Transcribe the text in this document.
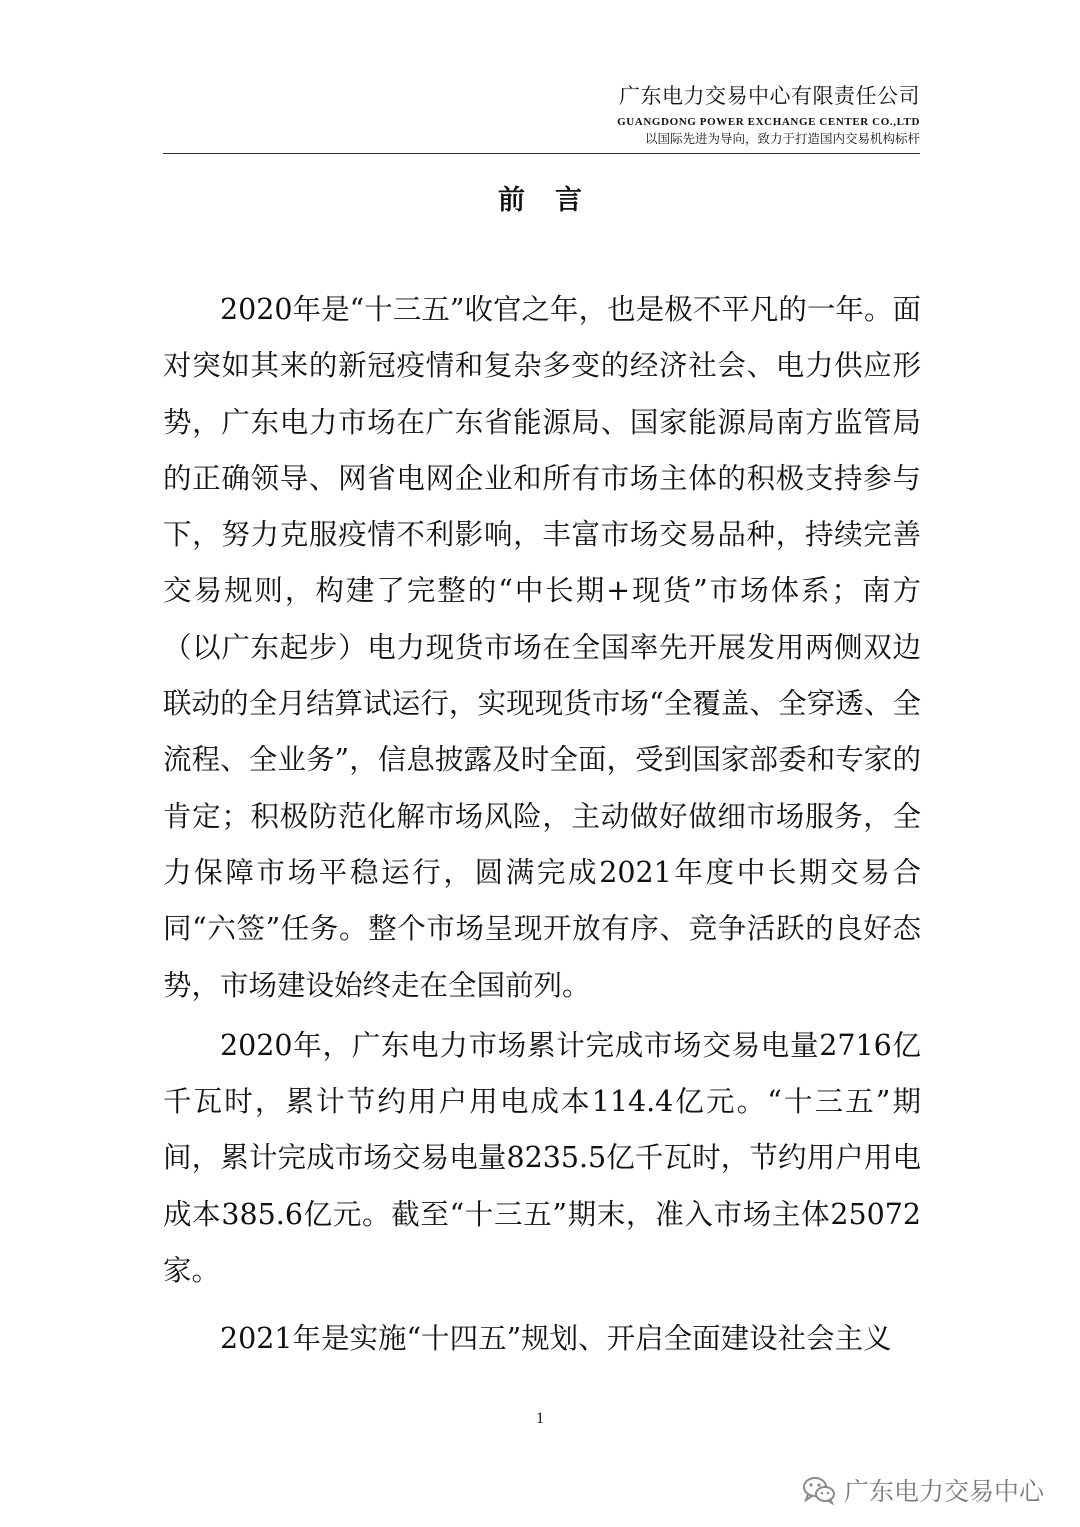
广东电力交易中心有限责任公司
GUANGDONG POWER EXCHANGE CENTER CO.,LTD
以国际先进为导向，致力于打造国内交易机构标杆
前言

2020年是“十三五”收官之年，也是极不平凡的一年。面对突如其来的新冠疫情和复杂多变的经济社会、电力供应形势，广东电力市场在广东省能源局、国家能源局南方监管局的正确领导、网省电网企业和所有市场主体的积极支持参与下，努力克服疫情不利影响，丰富市场交易品种，持续完善交易规则，构建了完整的“中长期+现货”市场体系；南方（以广东起步）电力现货市场在全国率先开展发用两侧双边联动的全月结算试运行，实现现货市场“全覆盖、全穿透、全流程、全业务”，信息披露及时全面，受到国家部委和专家的肯定；积极防范化解市场风险，主动做好做细市场服务，全力保障市场平稳运行，圆满完成2021年度中长期交易合同“六签”任务。整个市场呈现开放有序、竞争活跃的良好态势，市场建设始终走在全国前列。

2020年，广东电力市场累计完成市场交易电量2716亿千瓦时，累计节约用户用电成本114.4亿元。“十三五”期间，累计完成市场交易电量8235.5亿千瓦时，节约用户用电成本385.6亿元。截至“十三五”期末，准入市场主体25072家。

2021年是实施“十四五”规划、开启全面建设社会主义

1
广东电力交易中心
